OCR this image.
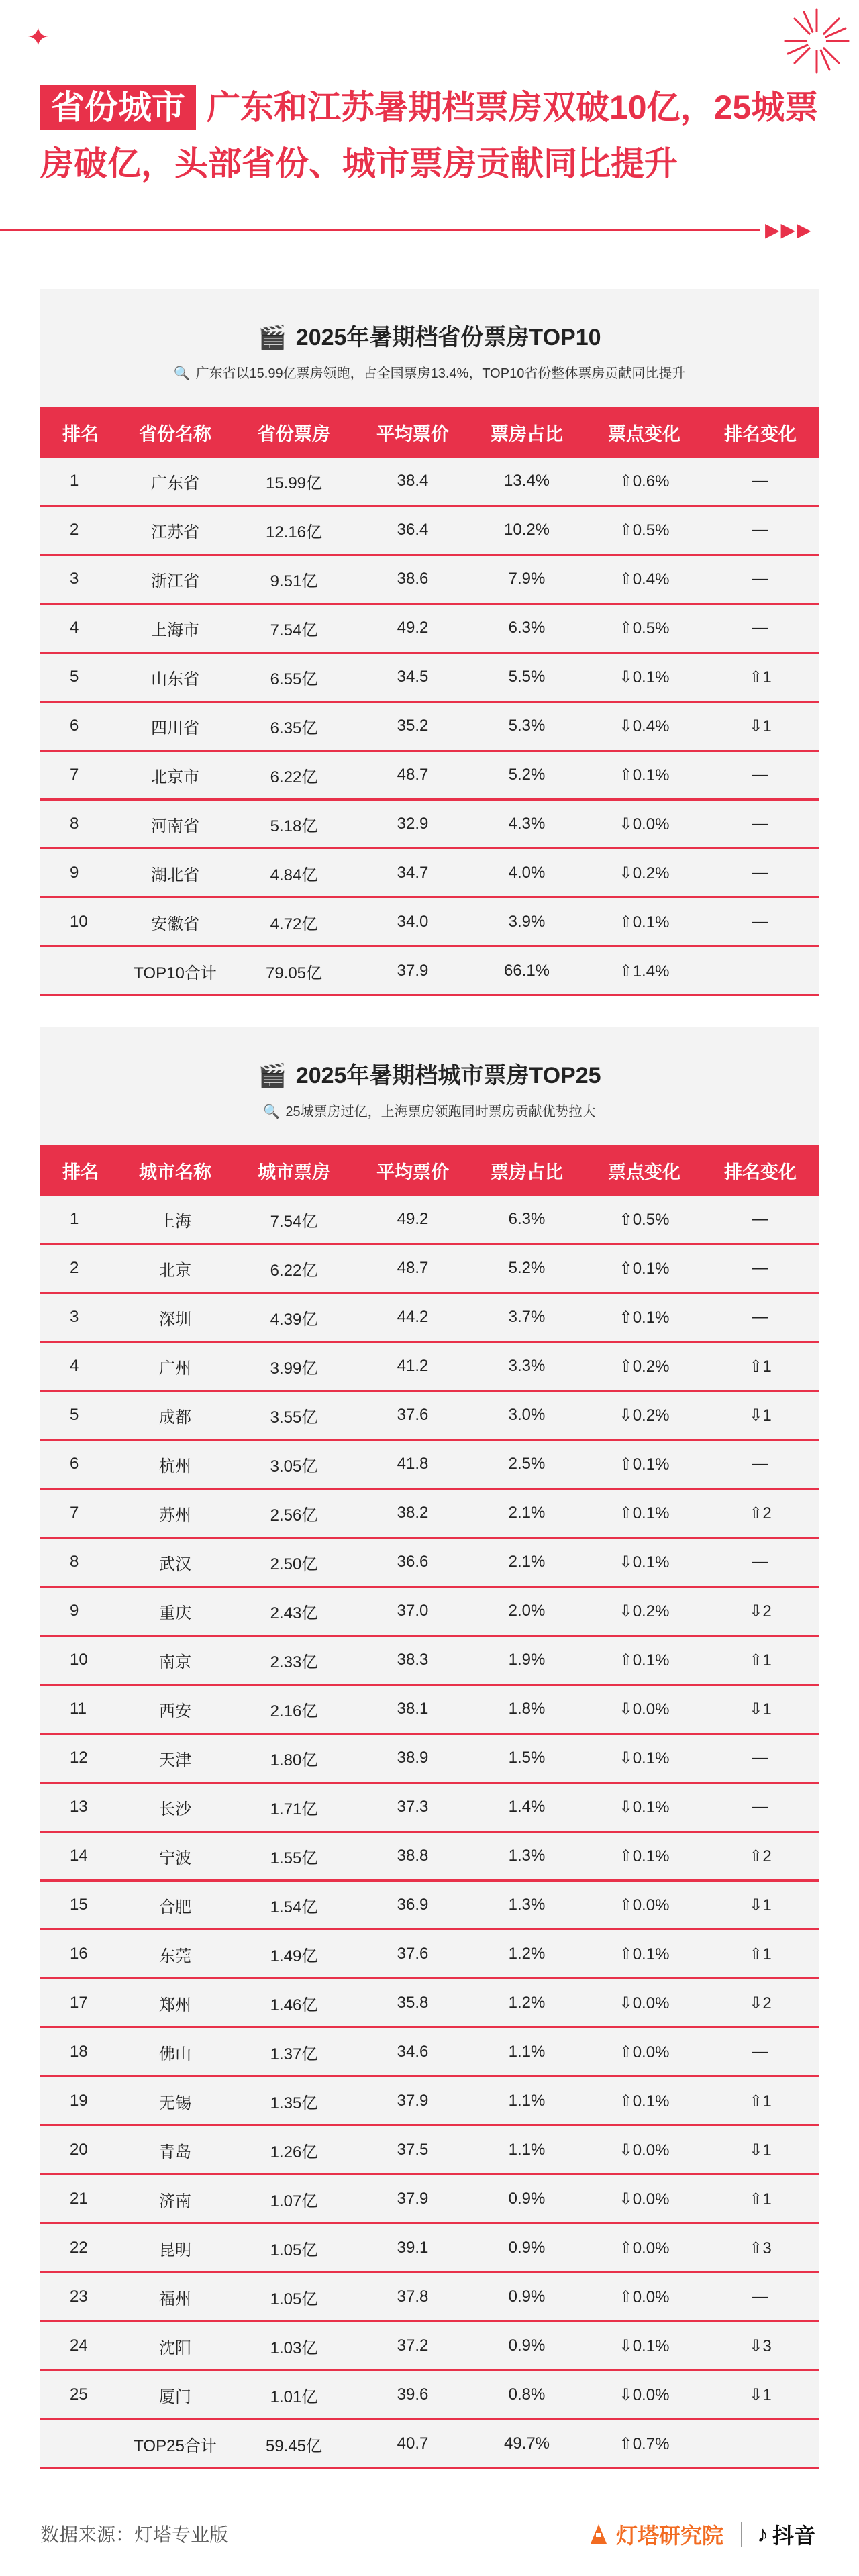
✦
省份城市 广东和江苏暑期档票房双破10亿，25城票房破亿，头部省份、城市票房贡献同比提升
▶ ▶ ▶
🎬 2025年暑期档省份票房TOP10
🔍 广东省以15.99亿票房领跑，占全国票房13.4%，TOP10省份整体票房贡献同比提升
排名	省份名称	省份票房	平均票价	票房占比	票点变化	排名变化
1	广东省	15.99亿	38.4	13.4%	⇧0.6%	—
2	江苏省	12.16亿	36.4	10.2%	⇧0.5%	—
3	浙江省	9.51亿	38.6	7.9%	⇧0.4%	—
4	上海市	7.54亿	49.2	6.3%	⇧0.5%	—
5	山东省	6.55亿	34.5	5.5%	⇩0.1%	⇧1
6	四川省	6.35亿	35.2	5.3%	⇩0.4%	⇩1
7	北京市	6.22亿	48.7	5.2%	⇧0.1%	—
8	河南省	5.18亿	32.9	4.3%	⇩0.0%	—
9	湖北省	4.84亿	34.7	4.0%	⇩0.2%	—
10	安徽省	4.72亿	34.0	3.9%	⇧0.1%	—
	TOP10合计	79.05亿	37.9	66.1%	⇧1.4%	
🎬 2025年暑期档城市票房TOP25
🔍 25城票房过亿，上海票房领跑同时票房贡献优势拉大
排名	城市名称	城市票房	平均票价	票房占比	票点变化	排名变化
1	上海	7.54亿	49.2	6.3%	⇧0.5%	—
2	北京	6.22亿	48.7	5.2%	⇧0.1%	—
3	深圳	4.39亿	44.2	3.7%	⇧0.1%	—
4	广州	3.99亿	41.2	3.3%	⇧0.2%	⇧1
5	成都	3.55亿	37.6	3.0%	⇩0.2%	⇩1
6	杭州	3.05亿	41.8	2.5%	⇧0.1%	—
7	苏州	2.56亿	38.2	2.1%	⇧0.1%	⇧2
8	武汉	2.50亿	36.6	2.1%	⇩0.1%	—
9	重庆	2.43亿	37.0	2.0%	⇩0.2%	⇩2
10	南京	2.33亿	38.3	1.9%	⇧0.1%	⇧1
11	西安	2.16亿	38.1	1.8%	⇩0.0%	⇩1
12	天津	1.80亿	38.9	1.5%	⇩0.1%	—
13	长沙	1.71亿	37.3	1.4%	⇩0.1%	—
14	宁波	1.55亿	38.8	1.3%	⇧0.1%	⇧2
15	合肥	1.54亿	36.9	1.3%	⇧0.0%	⇩1
16	东莞	1.49亿	37.6	1.2%	⇧0.1%	⇧1
17	郑州	1.46亿	35.8	1.2%	⇩0.0%	⇩2
18	佛山	1.37亿	34.6	1.1%	⇧0.0%	—
19	无锡	1.35亿	37.9	1.1%	⇧0.1%	⇧1
20	青岛	1.26亿	37.5	1.1%	⇩0.0%	⇩1
21	济南	1.07亿	37.9	0.9%	⇩0.0%	⇧1
22	昆明	1.05亿	39.1	0.9%	⇧0.0%	⇧3
23	福州	1.05亿	37.8	0.9%	⇧0.0%	—
24	沈阳	1.03亿	37.2	0.9%	⇩0.1%	⇩3
25	厦门	1.01亿	39.6	0.8%	⇩0.0%	⇩1
	TOP25合计	59.45亿	40.7	49.7%	⇧0.7%	
数据来源：灯塔专业版	灯塔研究院 ♪ 抖音
